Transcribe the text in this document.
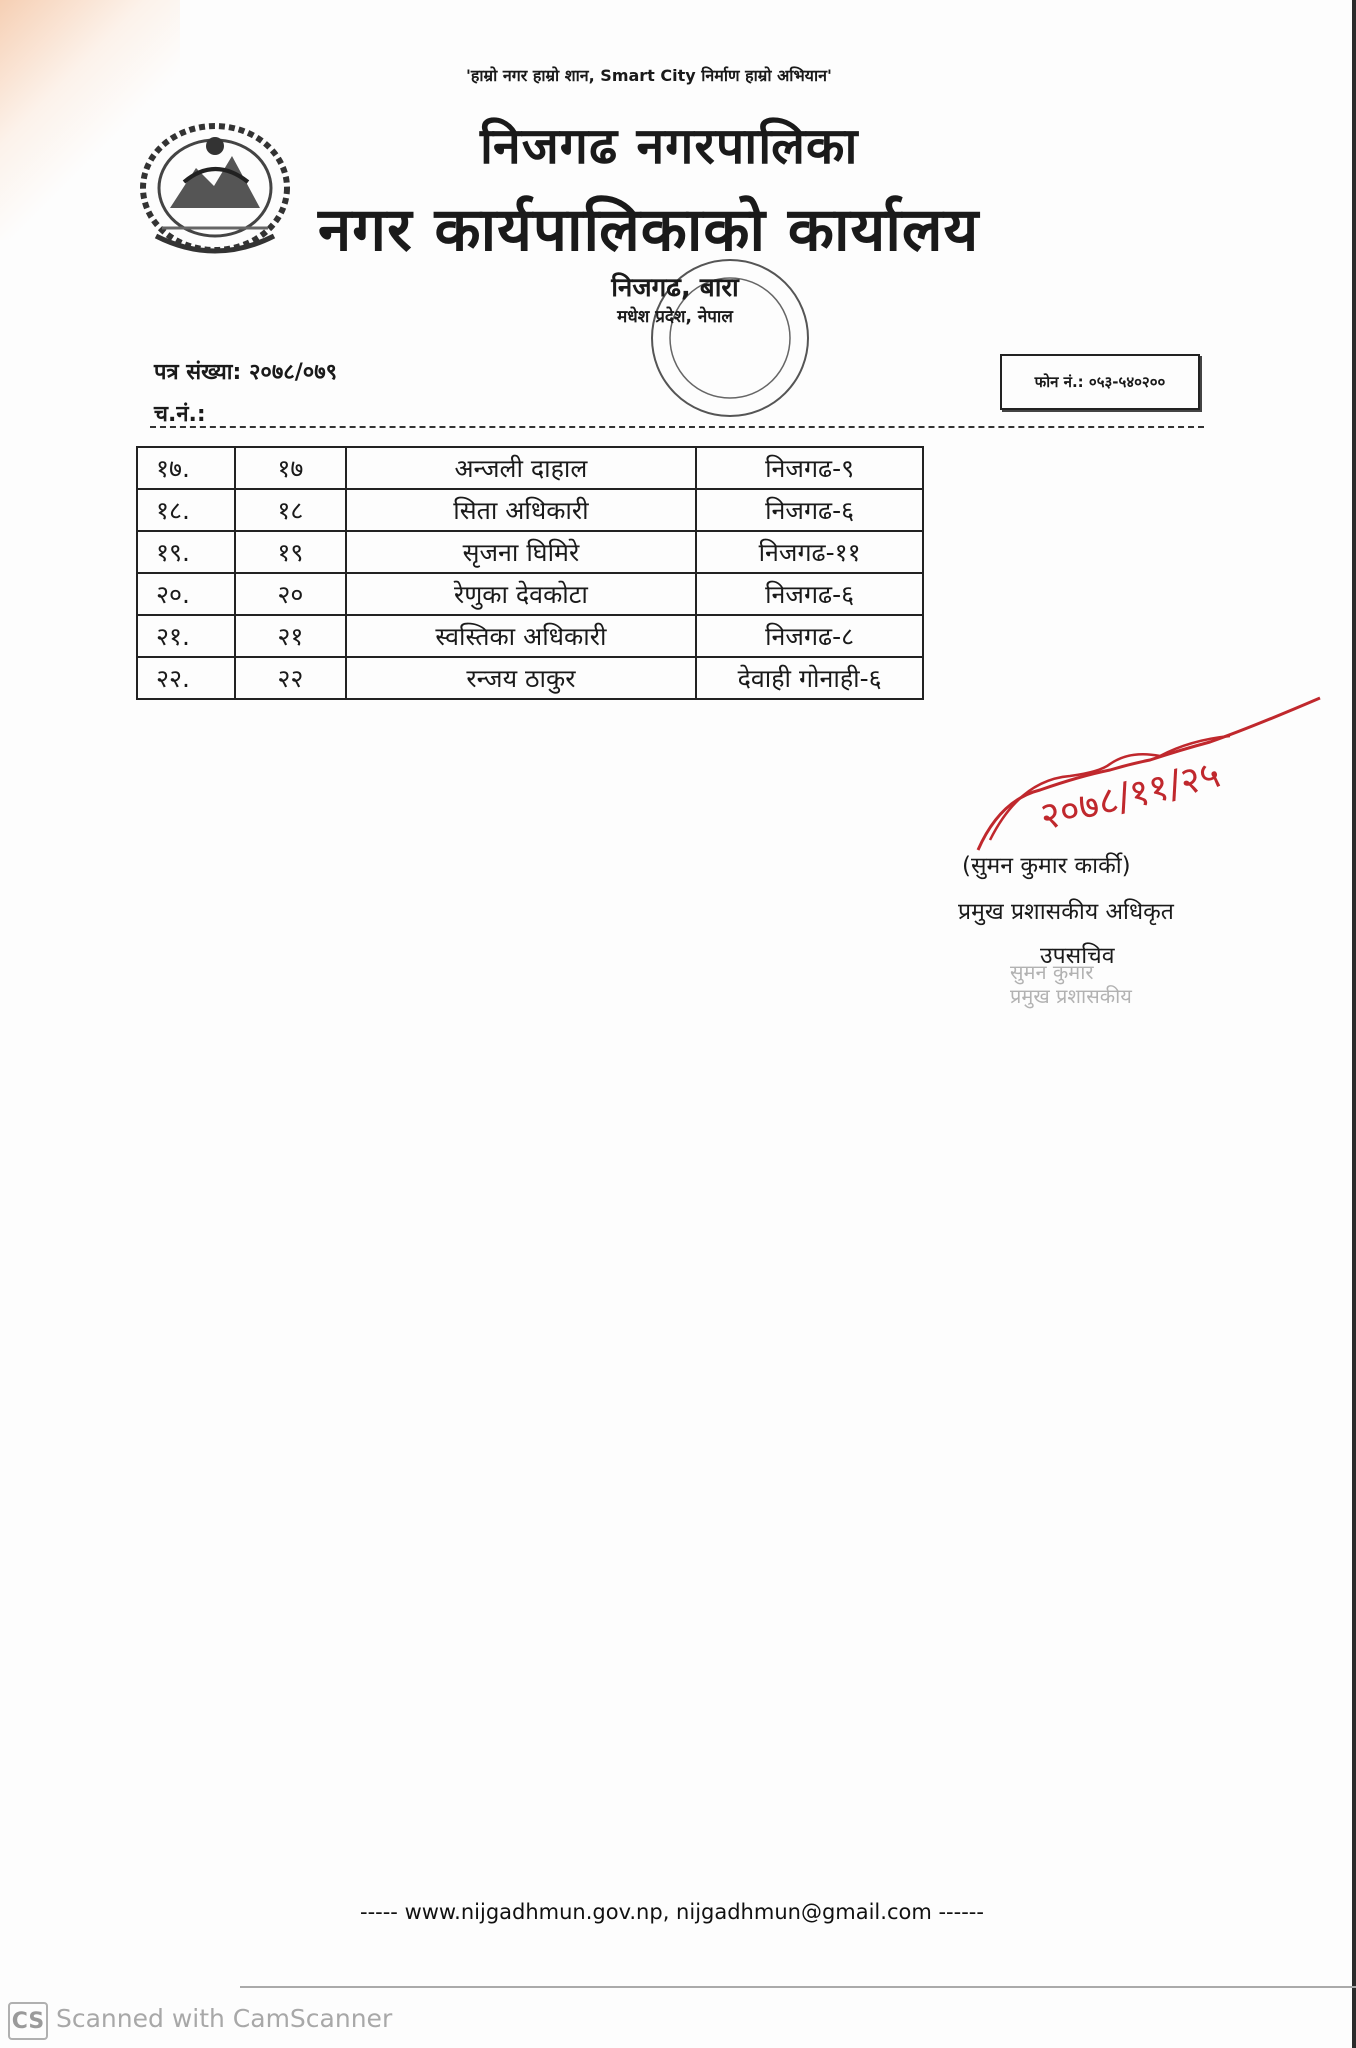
'हाम्रो नगर हाम्रो शान, Smart City निर्माण हाम्रो अभियान'
निजगढ नगरपालिका
नगर कार्यपालिकाको कार्यालय
निजगढ, बारा
मधेश प्रदेश, नेपाल
पत्र संख्या: २०७८/०७९
च.नं.:
फोन नं.: ०५३-५४०२००
१७.	१७	अन्जली दाहाल	निजगढ-९
१८.	१८	सिता अधिकारी	निजगढ-६
१९.	१९	सृजना घिमिरे	निजगढ-११
२०.	२०	रेणुका देवकोटा	निजगढ-६
२१.	२१	स्वस्तिका अधिकारी	निजगढ-८
२२.	२२	रन्जय ठाकुर	देवाही गोनाही-६
२०७८/११/२५
(सुमन कुमार कार्की)
प्रमुख प्रशासकीय अधिकृत
उपसचिव
सुमन कुमार
प्रमुख प्रशासकीय
----- www.nijgadhmun.gov.np, nijgadhmun@gmail.com ------
CS Scanned with CamScanner
